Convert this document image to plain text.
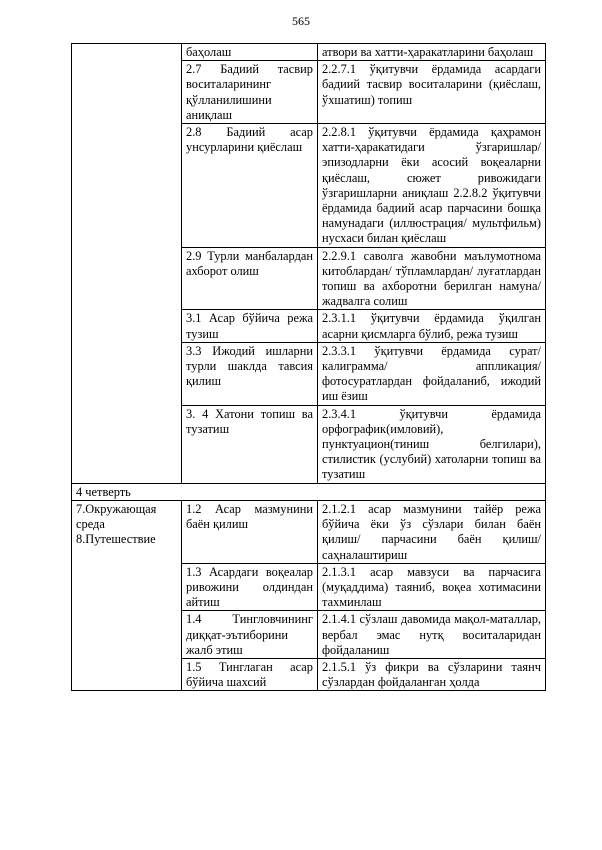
565
	баҳолаш	атвори ва хатти-ҳаракатларини баҳолаш
	2.7 Бадиий тасвир воситаларининг қўлланилишини аниқлаш	2.2.7.1 ўқитувчи ёрдамида асардаги бадиий тасвир воситаларини (қиёслаш, ўхшатиш) топиш
	2.8 Бадиий асар унсурларини қиёслаш	2.2.8.1 ўқитувчи ёрдамида қаҳрамон хатти-ҳаракатидаги ўзгаришлар/эпизодларни ёки асосий воқеаларни қиёслаш, сюжет ривожидаги ўзгаришларни аниқлаш 2.2.8.2 ўқитувчи ёрдамида бадиий асар парчасини бошқа намунадаги (иллюстрация/ мультфильм) нусхаси билан қиёслаш
	2.9 Турли манбалардан ахборот олиш	2.2.9.1 саволга жавобни маълумотнома китоблардан/ тўпламлардан/ луғатлардан топиш ва ахборотни берилган намуна/ жадвалга солиш
	3.1 Асар бўйича режа тузиш	2.3.1.1 ўқитувчи ёрдамида ўқилган асарни қисмларга бўлиб, режа тузиш
	3.3 Ижодий ишларни турли шаклда тавсия қилиш	2.3.3.1 ўқитувчи ёрдамида сурат/ калиграмма/ аппликация/ фотосуратлардан фойдаланиб, ижодий иш ёзиш
	3. 4 Хатони топиш ва тузатиш	2.3.4.1 ўқитувчи ёрдамида орфографик(имловий), пунктуацион(тиниш белгилари), стилистик (услубий) хатоларни топиш ва тузатиш
4 четверть		

7.Окружающая среда
8.Путешествие	1.2 Асар мазмунини баён қилиш	2.1.2.1 асар мазмунини тайёр режа бўйича ёки ўз сўзлари билан баён қилиш/ парчасини баён қилиш/ саҳналаштириш
	1.3 Асардаги воқеалар ривожини олдиндан айтиш	2.1.3.1 асар мавзуси ва парчасига (муқаддима) таяниб, воқеа хотимасини тахминлаш
	1.4 Тингловчининг диққат-эътиборини жалб этиш	2.1.4.1 сўзлаш давомида мақол-маталлар, вербал эмас нутқ воситаларидан фойдаланиш
	1.5 Тинглаган асар бўйича шахсий	2.1.5.1 ўз фикри ва сўзларини таянч сўзлардан фойдаланган ҳолда
